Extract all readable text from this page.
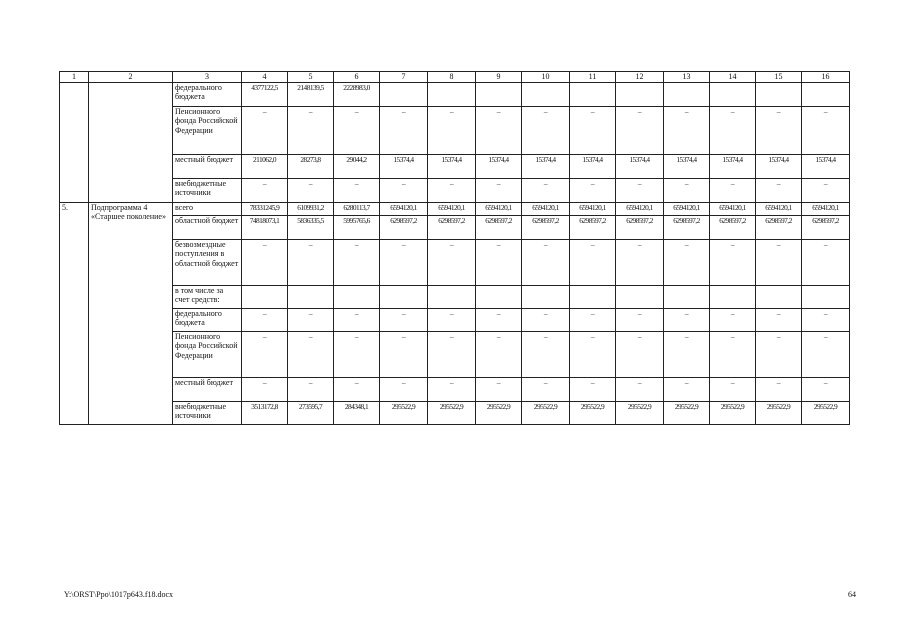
1	2	3	4	5	6	7	8	9	10	11	12	13	14	15	16
		федерального бюджета	4377122,5	2148139,5	2228983,0										
		Пенсионного фонда Российской Федерации	–	–	–	–	–	–	–	–	–	–	–	–	–
		местный бюджет	211062,0	28273,8	29044,2	15374,4	15374,4	15374,4	15374,4	15374,4	15374,4	15374,4	15374,4	15374,4	15374,4
		внебюджетные источники	–	–	–	–	–	–	–	–	–	–	–	–	–
5.	Подпрограмма 4 «Старшее поколение»	всего	78331245,9	6109931,2	6280113,7	6594120,1	6594120,1	6594120,1	6594120,1	6594120,1	6594120,1	6594120,1	6594120,1	6594120,1	6594120,1
		областной бюджет	74818073,1	5836335,5	5995765,6	6298597,2	6298597,2	6298597,2	6298597,2	6298597,2	6298597,2	6298597,2	6298597,2	6298597,2	6298597,2
		безвозмездные поступления в областной бюджет	–	–	–	–	–	–	–	–	–	–	–	–	–
		в том числе за счет средств:													
		федерального бюджета	–	–	–	–	–	–	–	–	–	–	–	–	–
		Пенсионного фонда Российской Федерации	–	–	–	–	–	–	–	–	–	–	–	–	–
		местный бюджет	–	–	–	–	–	–	–	–	–	–	–	–	–
		внебюджетные источники	3513172,8	273595,7	284348,1	295522,9	295522,9	295522,9	295522,9	295522,9	295522,9	295522,9	295522,9	295522,9	295522,9
Y:\ORST\Ppo\1017p643.f18.docx	64
